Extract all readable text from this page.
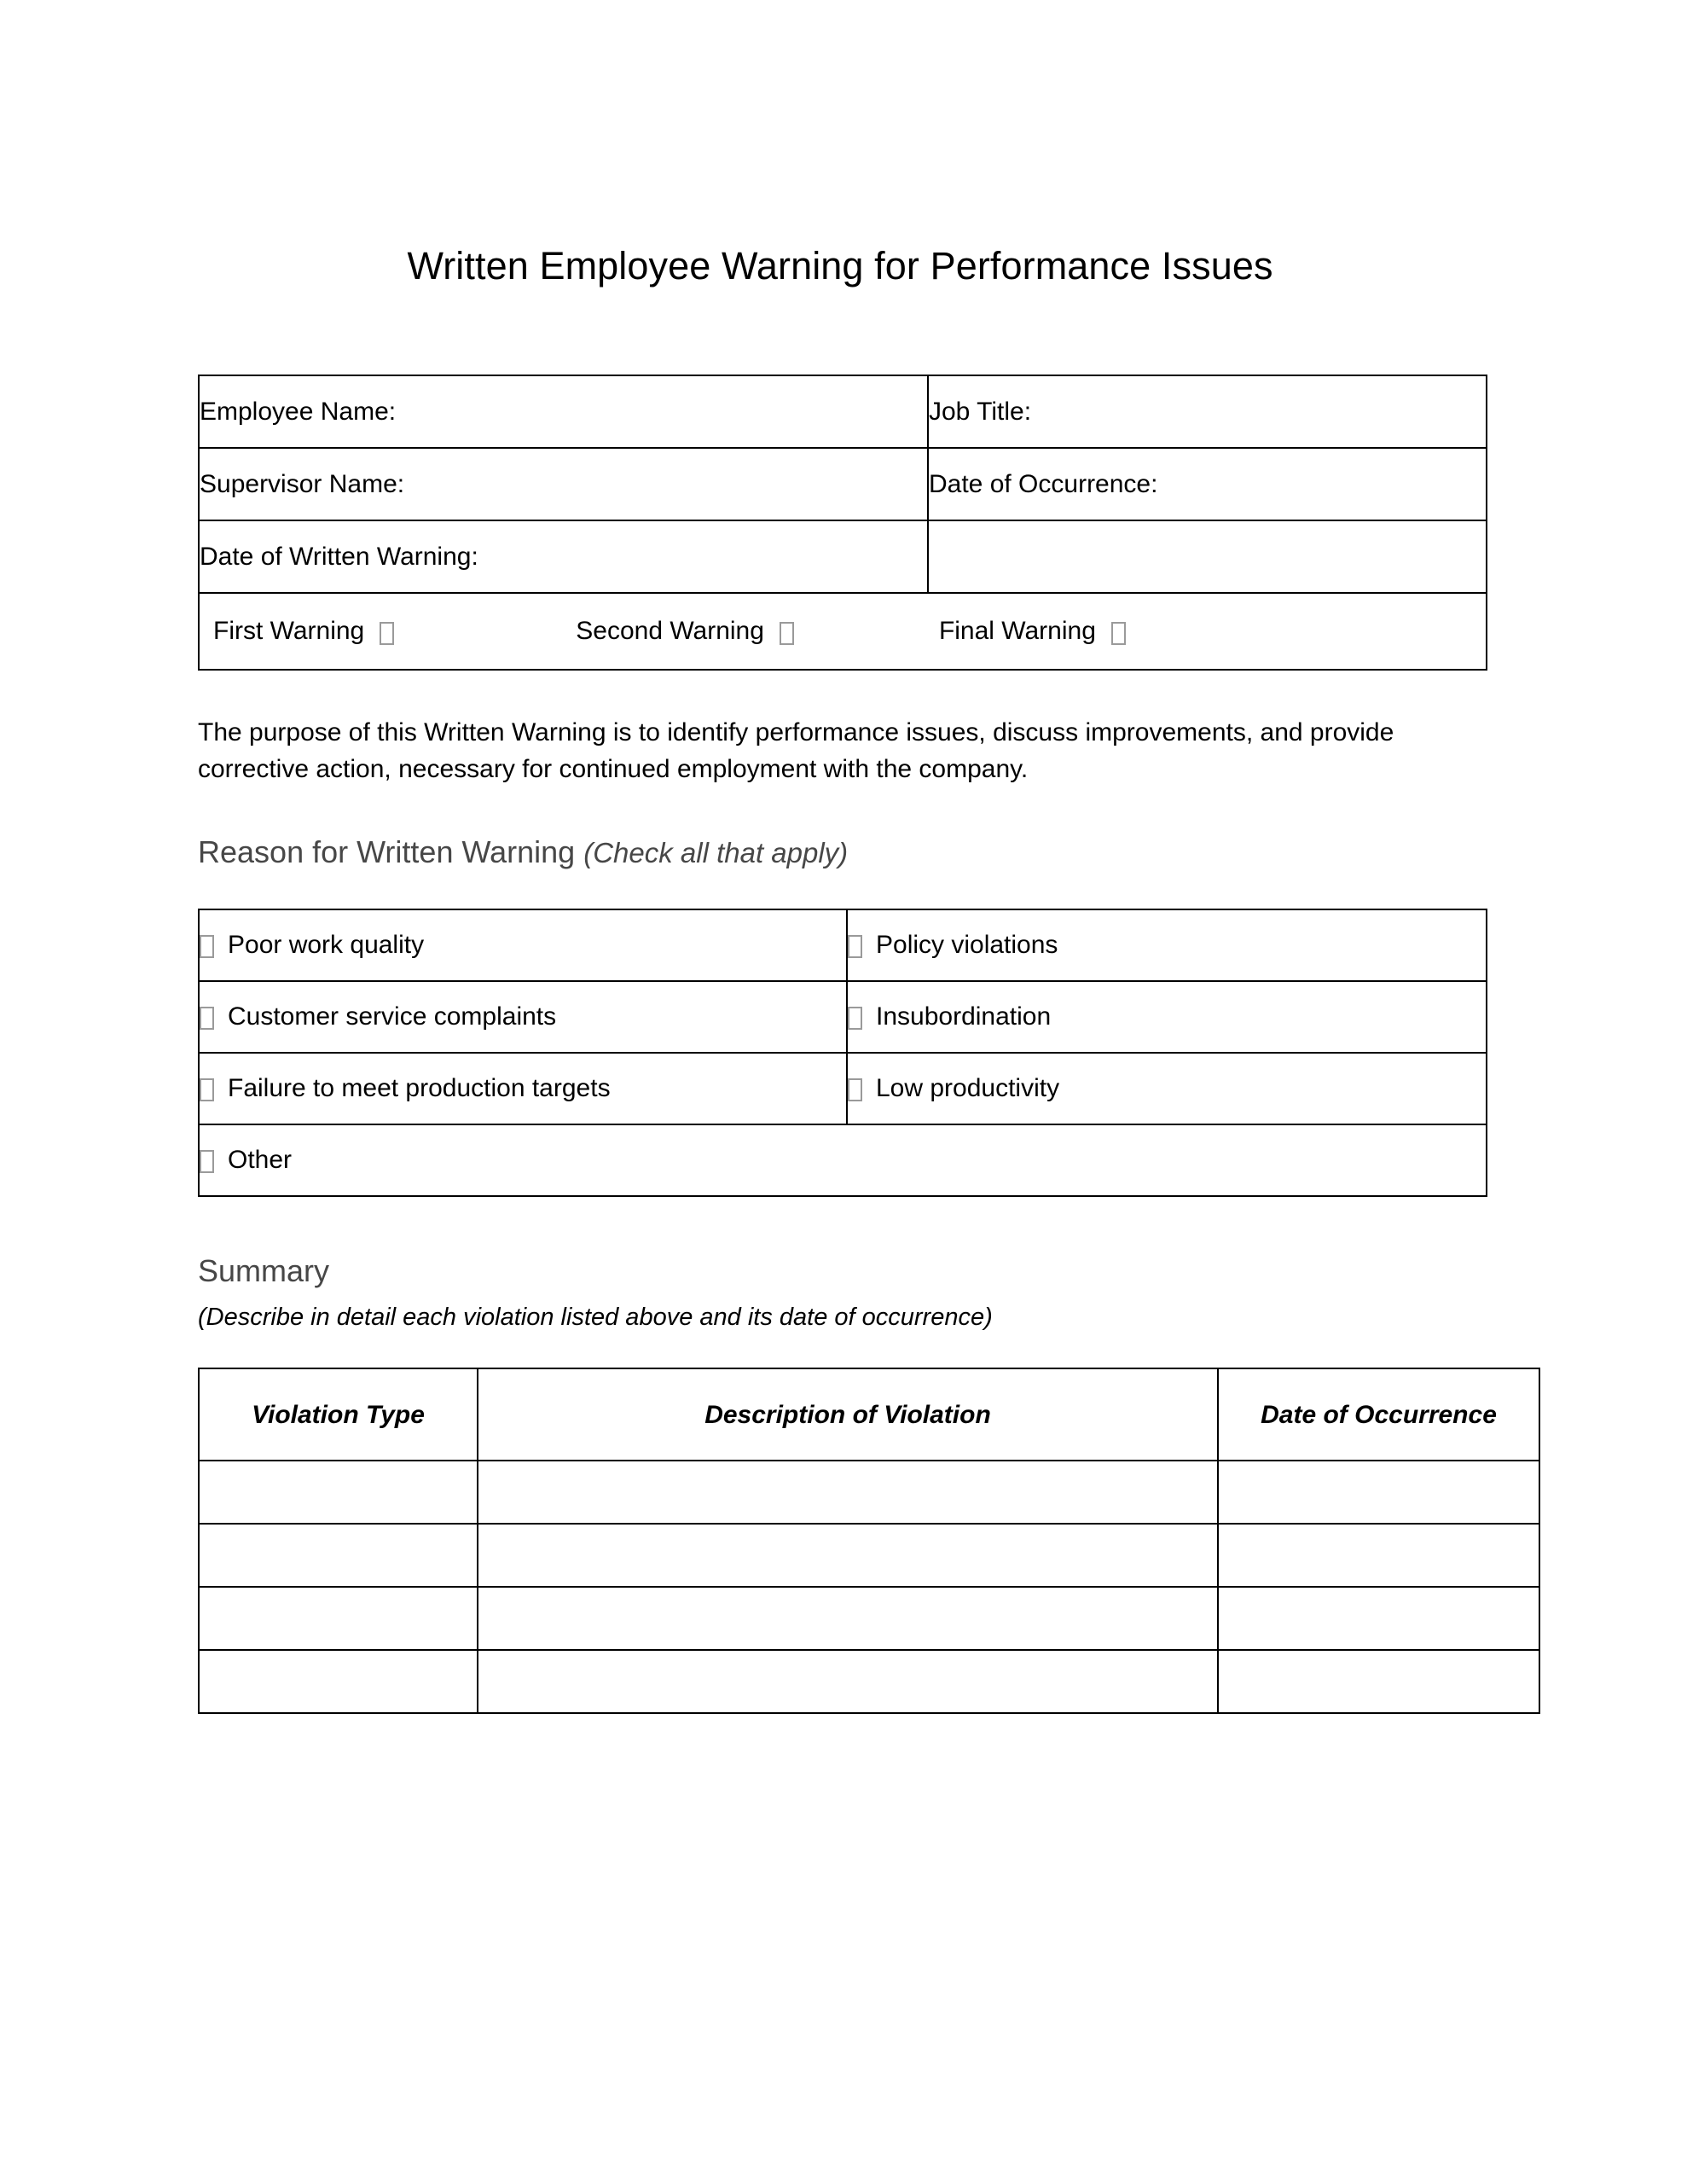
Written Employee Warning for Performance Issues
Employee Name:	Job Title:
Supervisor Name:	Date of Occurrence:
Date of Written Warning:	

First Warning Second Warning Final Warning	

The purpose of this Written Warning is to identify performance issues, discuss improvements, and provide corrective action, necessary for continued employment with the company.

Reason for Written Warning (Check all that apply)
Poor work quality	Policy violations

Customer service complaints	Insubordination

Failure to meet production targets	Low productivity

Other	
Summary
(Describe in detail each violation listed above and its date of occurrence)
Violation Type	Description of Violation	Date of Occurrence
